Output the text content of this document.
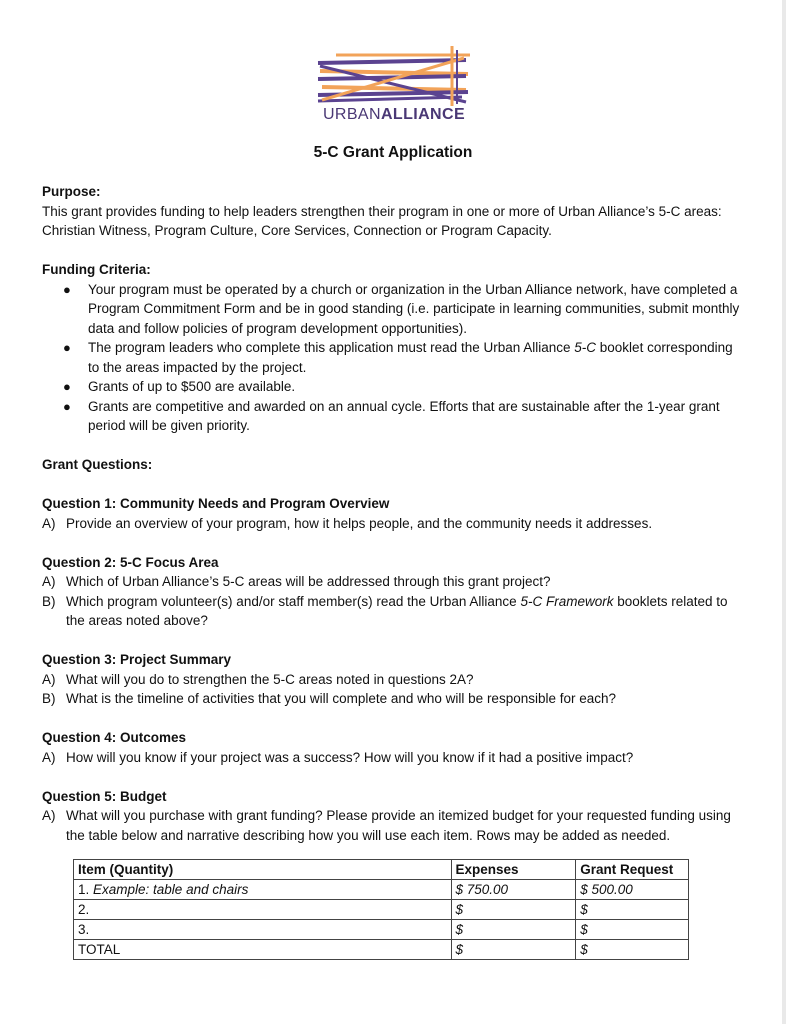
URBANALLIANCE
5-C Grant Application
Purpose:

This grant provides funding to help leaders strengthen their program in one or more of Urban Alliance’s 5-C areas: Christian Witness, Program Culture, Core Services, Connection or Program Capacity.

Funding Criteria:
● Your program must be operated by a church or organization in the Urban Alliance network, have completed a Program Commitment Form and be in good standing (i.e. participate in learning communities, submit monthly data and follow policies of program development opportunities).
● The program leaders who complete this application must read the Urban Alliance 5-C booklet corresponding to the areas impacted by the project.
● Grants of up to $500 are available.
● Grants are competitive and awarded on an annual cycle. Efforts that are sustainable after the 1-year grant period will be given priority.
Grant Questions:
Question 1: Community Needs and Program Overview
A) Provide an overview of your program, how it helps people, and the community needs it addresses.
Question 2: 5-C Focus Area
A) Which of Urban Alliance’s 5-C areas will be addressed through this grant project?
B) Which program volunteer(s) and/or staff member(s) read the Urban Alliance 5-C Framework booklets related to the areas noted above?
Question 3: Project Summary
A) What will you do to strengthen the 5-C areas noted in questions 2A?
B) What is the timeline of activities that you will complete and who will be responsible for each?
Question 4: Outcomes
A) How will you know if your project was a success? How will you know if it had a positive impact?
Question 5: Budget
A) What will you purchase with grant funding? Please provide an itemized budget for your requested funding using the table below and narrative describing how you will use each item. Rows may be added as needed.
Item (Quantity)	Expenses	Grant Request
1. Example: table and chairs	$ 750.00	$ 500.00
2.	$	$
3.	$	$
TOTAL	$	$
